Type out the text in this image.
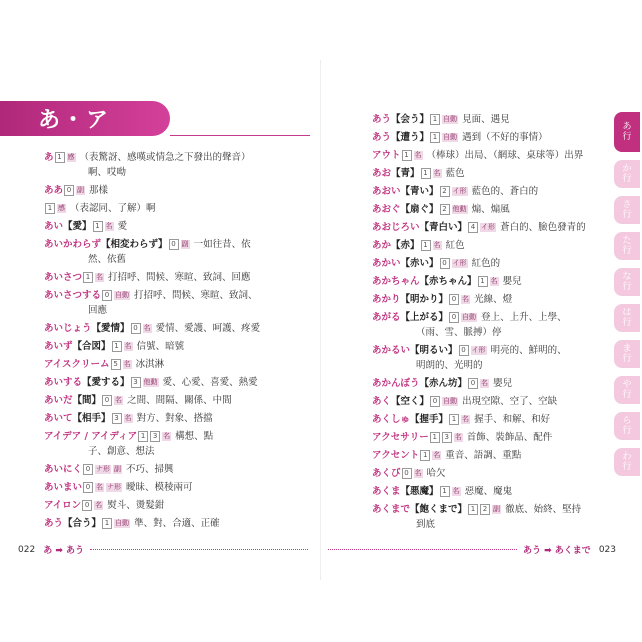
あ・ア
あ 1 感 （表驚訝、感嘆或情急之下發出的聲音）
啊、哎呦
ああ 0 副 那樣
1 感 （表認同、了解）啊
あい【愛】 1 名 愛
あいかわらず【相変わらず】 0 副 一如往昔、依
然、依舊
あいさつ 1 名 打招呼、問候、寒暄、致詞、回應
あいさつする 0 自動 打招呼、問候、寒暄、致詞、
回應
あいじょう【愛情】 0 名 愛情、愛護、呵護、疼愛
あいず【合図】 1 名 信號、暗號
アイスクリーム 5 名 冰淇淋
あいする【愛する】 3 他動 愛、心愛、喜愛、熱愛
あいだ【間】 0 名 之間、間隔、關係、中間
あいて【相手】 3 名 對方、對象、搭擋
アイデア / アイディア 1 3 名 構想、點
子、創意、想法
あいにく 0 ナ形 副 不巧、掃興
あいまい 0 名 ナ形 曖昧、模稜兩可
アイロン 0 名 熨斗、燙髮鉗
あう【合う】 1 自動 準、對、合適、正確
022 あ ➡ あう
あう【会う】 1 自動 見面、遇見
あう【遭う】 1 自動 遇到（不好的事情）
アウト 1 名 （棒球）出局、（網球、桌球等）出界
あお【青】 1 名 藍色
あおい【青い】 2 イ形 藍色的、蒼白的
あおぐ【扇ぐ】 2 他動 煽、煽風
あおじろい【青白い】 4 イ形 蒼白的、臉色發青的
あか【赤】 1 名 紅色
あかい【赤い】 0 イ形 紅色的
あかちゃん【赤ちゃん】 1 名 嬰兒
あかり【明かり】 0 名 光線、燈
あがる【上がる】 0 自動 登上、上升、上學、
（雨、雪、脈搏）停
あかるい【明るい】 0 イ形 明亮的、鮮明的、
明朗的、光明的
あかんぼう【赤ん坊】 0 名 嬰兒
あく【空く】 0 自動 出現空隙、空了、空缺
あくしゅ【握手】 1 名 握手、和解、和好
アクセサリー 1 3 名 首飾、裝飾品、配件
アクセント 1 名 重音、語調、重點
あくび 0 名 哈欠
あくま【悪魔】 1 名 惡魔、魔鬼
あくまで【飽くまで】 1 2 副 徹底、始終、堅持
到底
あう ➡ あくまで 023
あ
行
か
行
さ
行
た
行
な
行
は
行
ま
行
や
行
ら
行
わ
行
